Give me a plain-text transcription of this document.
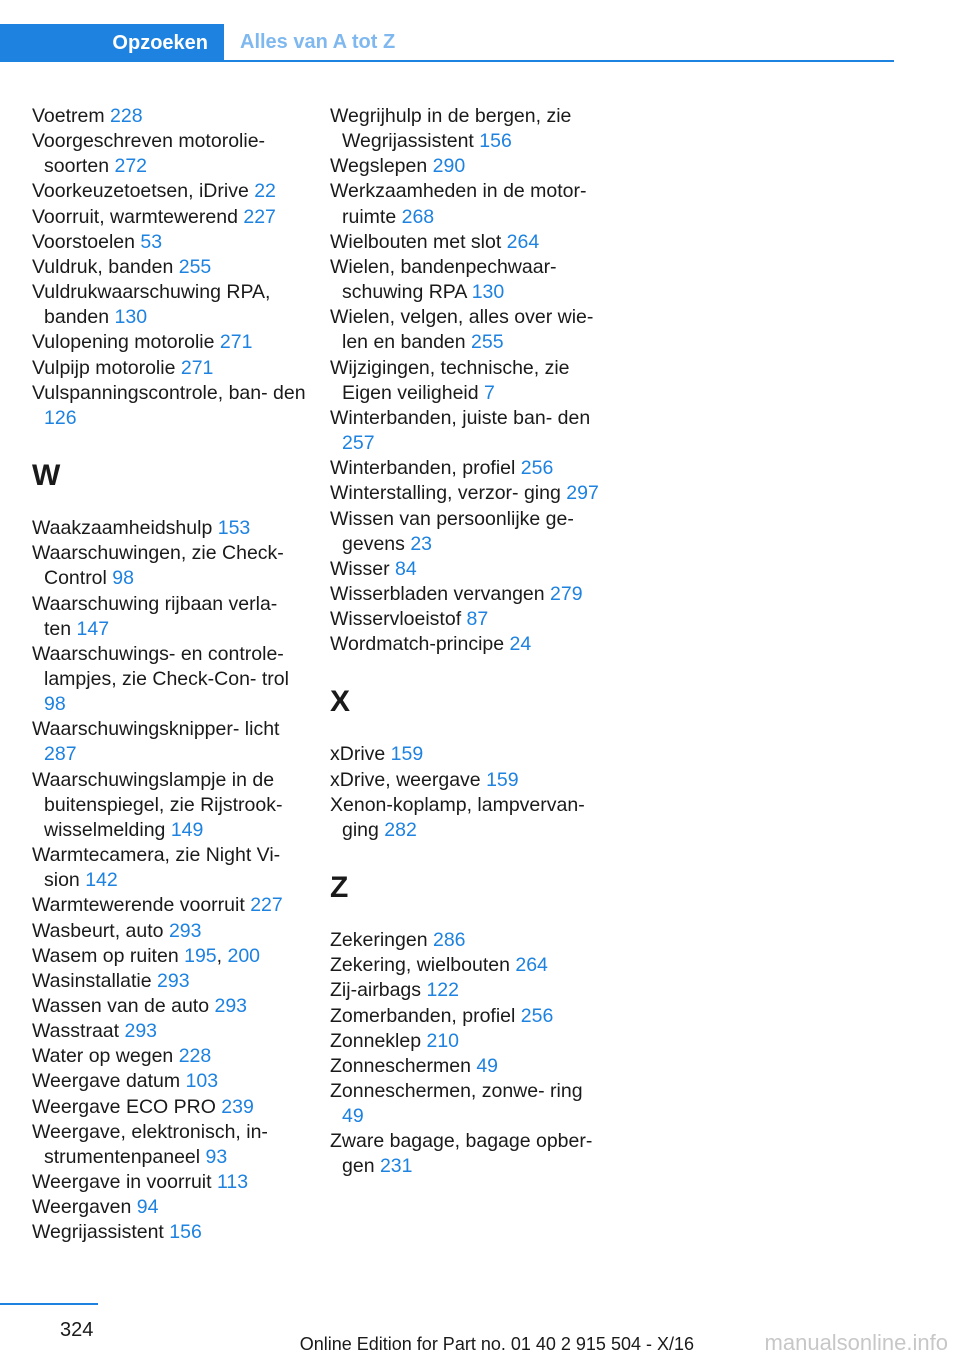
Opzoeken	Alles van A tot Z
Voetrem 228
Voorgeschreven motorolie‐ soorten 272
Voorkeuzetoetsen, iDrive 22
Voorruit, warmtewerend 227
Voorstoelen 53
Vuldruk, banden 255
Vuldrukwaarschuwing RPA, banden 130
Vulopening motorolie 271
Vulpijp motorolie 271
Vulspanningscontrole, ban‐ den 126
W
Waakzaamheidshulp 153
Waarschuwingen, zie Check- Control 98
Waarschuwing rijbaan verla‐ ten 147
Waarschuwings- en controle‐ lampjes, zie Check-Con‐ trol 98
Waarschuwingsknipper‐ licht 287
Waarschuwingslampje in de buitenspiegel, zie Rijstrook‐ wisselmelding 149
Warmtecamera, zie Night Vi‐ sion 142
Warmtewerende voorruit 227
Wasbeurt, auto 293
Wasem op ruiten 195, 200
Wasinstallatie 293
Wassen van de auto 293
Wasstraat 293
Water op wegen 228
Weergave datum 103
Weergave ECO PRO 239
Weergave, elektronisch, in‐ strumentenpaneel 93
Weergave in voorruit 113
Weergaven 94
Wegrijassistent 156
Wegrijhulp in de bergen, zie Wegrijassistent 156
Wegslepen 290
Werkzaamheden in de motor‐ ruimte 268
Wielbouten met slot 264
Wielen, bandenpechwaar‐ schuwing RPA 130
Wielen, velgen, alles over wie‐ len en banden 255
Wijzigingen, technische, zie Eigen veiligheid 7
Winterbanden, juiste ban‐ den 257
Winterbanden, profiel 256
Winterstalling, verzor‐ ging 297
Wissen van persoonlijke ge‐ gevens 23
Wisser 84
Wisserbladen vervangen 279
Wisservloeistof 87
Wordmatch-principe 24
X
xDrive 159
xDrive, weergave 159
Xenon-koplamp, lampvervan‐ ging 282
Z
Zekeringen 286
Zekering, wielbouten 264
Zij-airbags 122
Zomerbanden, profiel 256
Zonneklep 210
Zonneschermen 49
Zonneschermen, zonwe‐ ring 49
Zware bagage, bagage opber‐ gen 231
324
Online Edition for Part no. 01 40 2 915 504 - X/16	manualsonline.info
